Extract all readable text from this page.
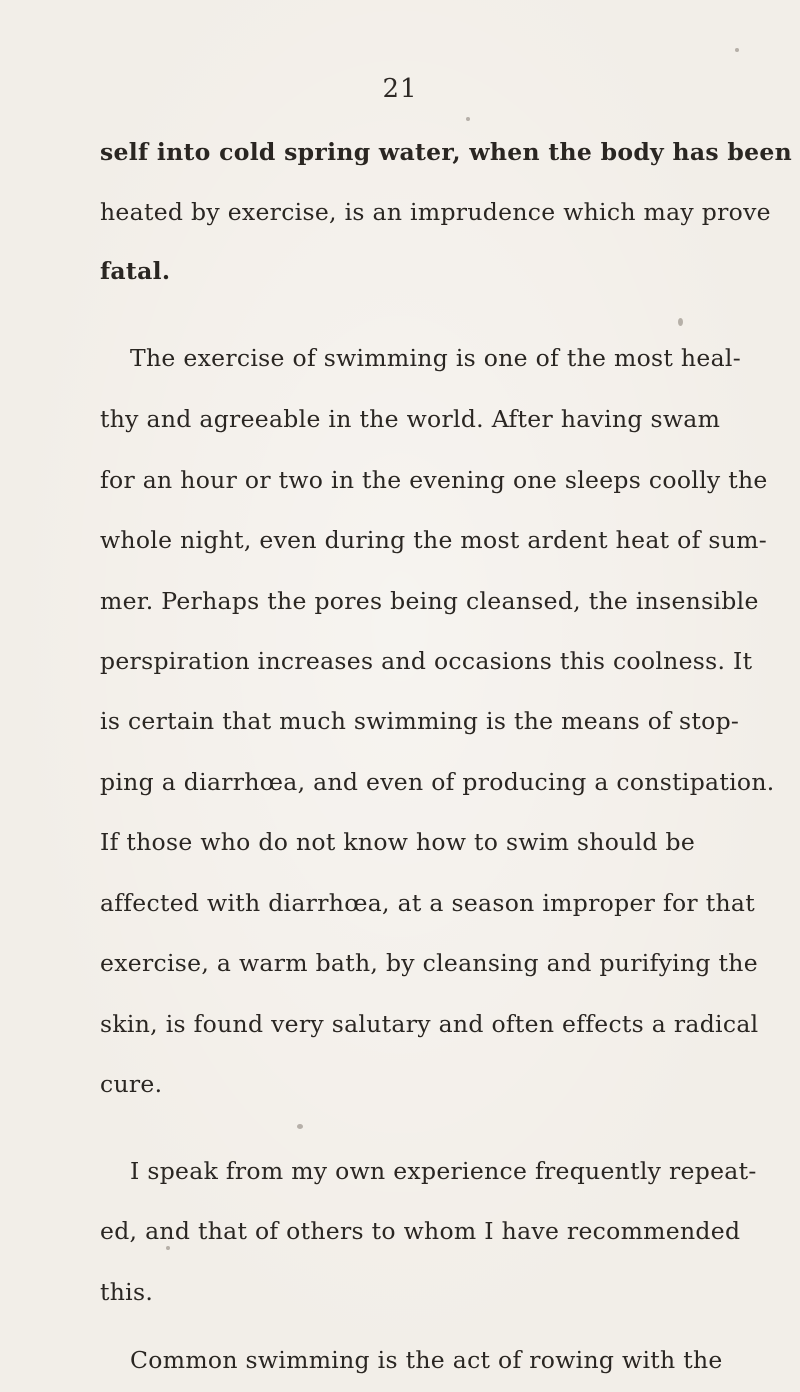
21
self into cold spring water, when the body has been
heated by exercise, is an imprudence which may prove
fatal.
The exercise of swimming is one of the most heal-
thy and agreeable in the world. After having swam
for an hour or two in the evening one sleeps coolly the
whole night, even during the most ardent heat of sum-
mer. Perhaps the pores being cleansed, the insensible
perspiration increases and occasions this coolness. It
is certain that much swimming is the means of stop-
ping a diarrhœa, and even of producing a constipation.
If those who do not know how to swim should be
affected with diarrhœa, at a season improper for that
exercise, a warm bath, by cleansing and purifying the
skin, is found very salutary and often effects a radical
cure.
I speak from my own experience frequently repeat-
ed, and that of others to whom I have recommended
this.
Common swimming is the act of rowing with the
